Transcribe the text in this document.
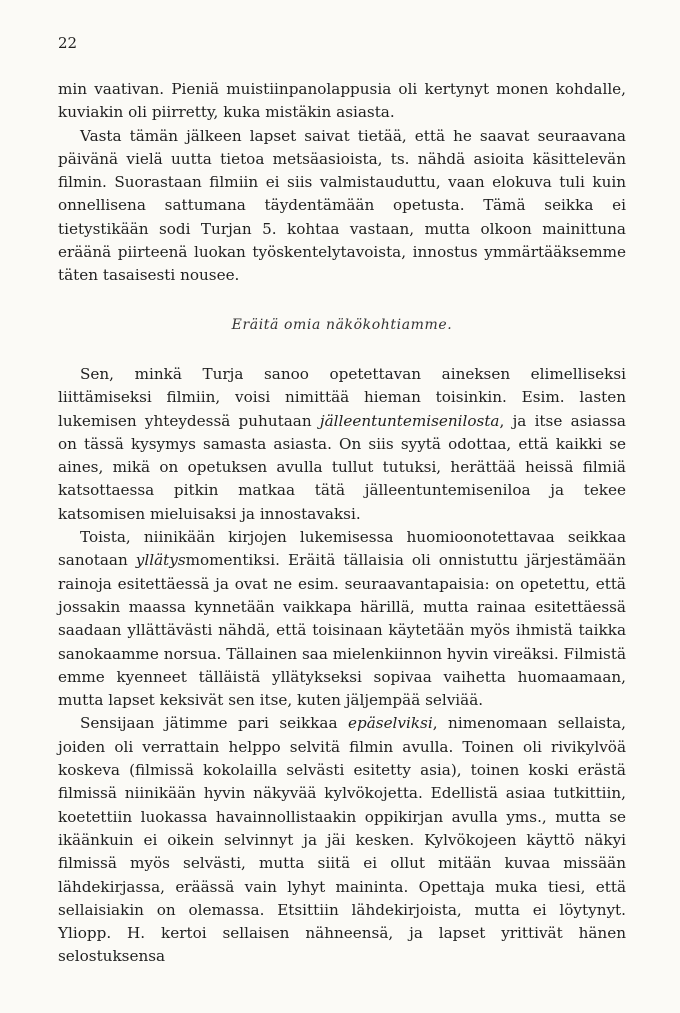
22

min vaativan. Pieniä muistiinpanolappusia oli kertynyt monen kohdalle, kuviakin oli piirretty, kuka mistäkin asiasta.

Vasta tämän jälkeen lapset saivat tietää, että he saavat seuraavana päivänä vielä uutta tietoa metsäasioista, ts. nähdä asioita käsittelevän filmin. Suorastaan filmiin ei siis valmistauduttu, vaan elokuva tuli kuin onnellisena sattumana täydentämään opetusta. Tämä seikka ei tietystikään sodi Turjan 5. kohtaa vastaan, mutta olkoon mainittuna eräänä piirteenä luokan työskentelytavoista, innostus ymmärtääksemme täten tasaisesti nousee.

Eräitä omia näkökohtiamme.

Sen, minkä Turja sanoo opetettavan aineksen elimelliseksi liittämiseksi filmiin, voisi nimittää hieman toisinkin. Esim. lasten lukemisen yhteydessä puhutaan jälleentuntemisenilosta, ja itse asiassa on tässä kysymys samasta asiasta. On siis syytä odottaa, että kaikki se aines, mikä on opetuksen avulla tullut tutuksi, herättää heissä filmiä katsottaessa pitkin matkaa tätä jälleentuntemiseniloa ja tekee katsomisen mieluisaksi ja innostavaksi.

Toista, niinikään kirjojen lukemisessa huomioonotettavaa seikkaa sanotaan yllätysmomentiksi. Eräitä tällaisia oli onnistuttu järjestämään rainoja esitettäessä ja ovat ne esim. seuraavantapaisia: on opetettu, että jossakin maassa kynnetään vaikkapa härillä, mutta rainaa esitettäessä saadaan yllättävästi nähdä, että toisinaan käytetään myös ihmistä taikka sanokaamme norsua. Tällainen saa mielenkiinnon hyvin vireäksi. Filmistä emme kyenneet tälläistä yllätykseksi sopivaa vaihetta huomaamaan, mutta lapset keksivät sen itse, kuten jäljempää selviää.

Sensijaan jätimme pari seikkaa epäselviksi, nimenomaan sellaista, joiden oli verrattain helppo selvitä filmin avulla. Toinen oli rivikylvöä koskeva (filmissä kokolailla selvästi esitetty asia), toinen koski erästä filmissä niinikään hyvin näkyvää kylvökojetta. Edellistä asiaa tutkittiin, koetettiin luokassa havainnollistaakin oppikirjan avulla yms., mutta se ikäänkuin ei oikein selvinnyt ja jäi kesken. Kylvökojeen käyttö näkyi filmissä myös selvästi, mutta siitä ei ollut mitään kuvaa missään lähdekirjassa, eräässä vain lyhyt maininta. Opettaja muka tiesi, että sellaisiakin on olemassa. Etsittiin lähdekirjoista, mutta ei löytynyt. Yliopp. H. kertoi sellaisen nähneensä, ja lapset yrittivät hänen selostuksensa
